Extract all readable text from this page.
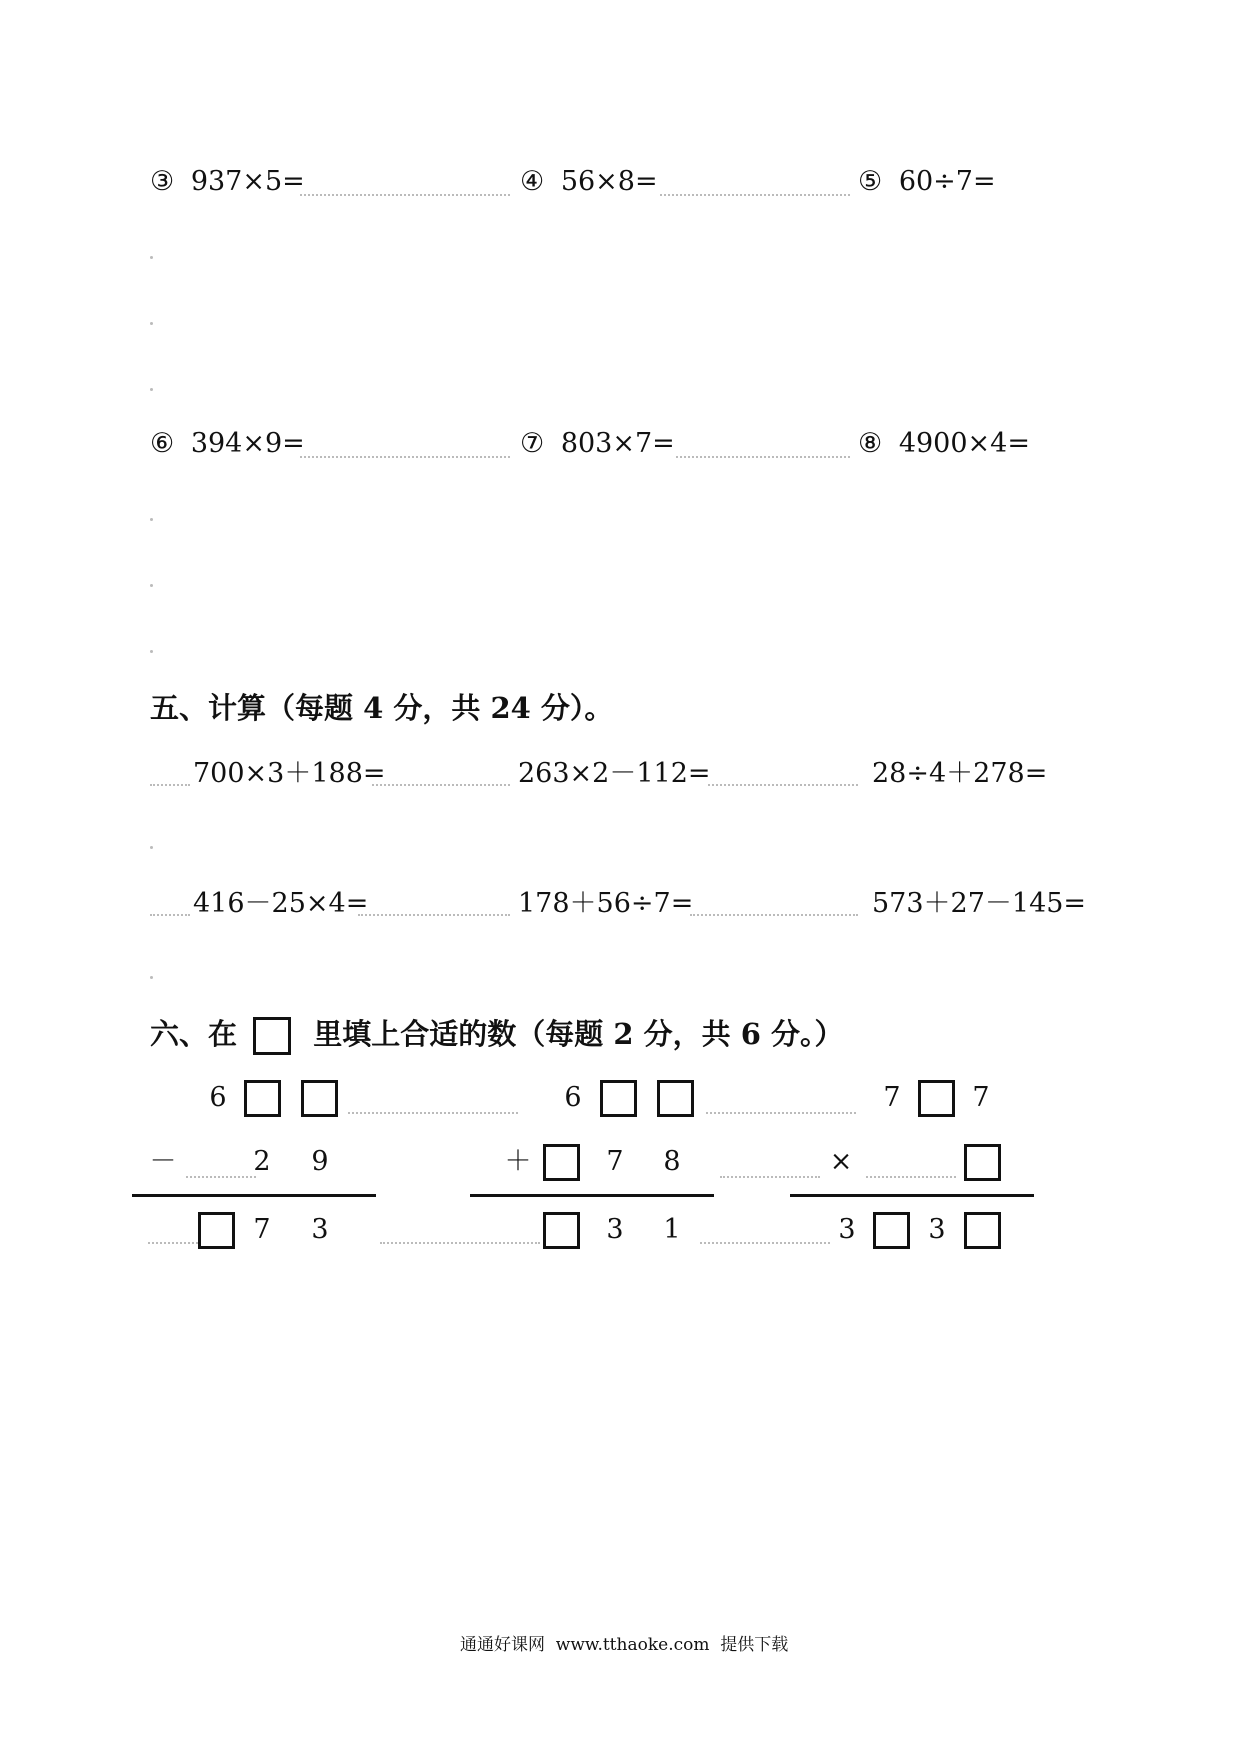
③ 937×5=	④ 56×8=	⑤ 60÷7=
⑥ 394×9=	⑦ 803×7=	⑧ 4900×4=
五、计算（每题 4 分，共 24 分）。
700×3＋188=	263×2－112=	28÷4＋278=
416－25×4=	178＋56÷7=	573＋27－145=
六、在	里填上合适的数（每题 2 分，共 6 分。）
6
－	2 9
7 3
6
＋	7 8
3 1
7	7
×
3	3
通通好课网  www.tthaoke.com  提供下载
